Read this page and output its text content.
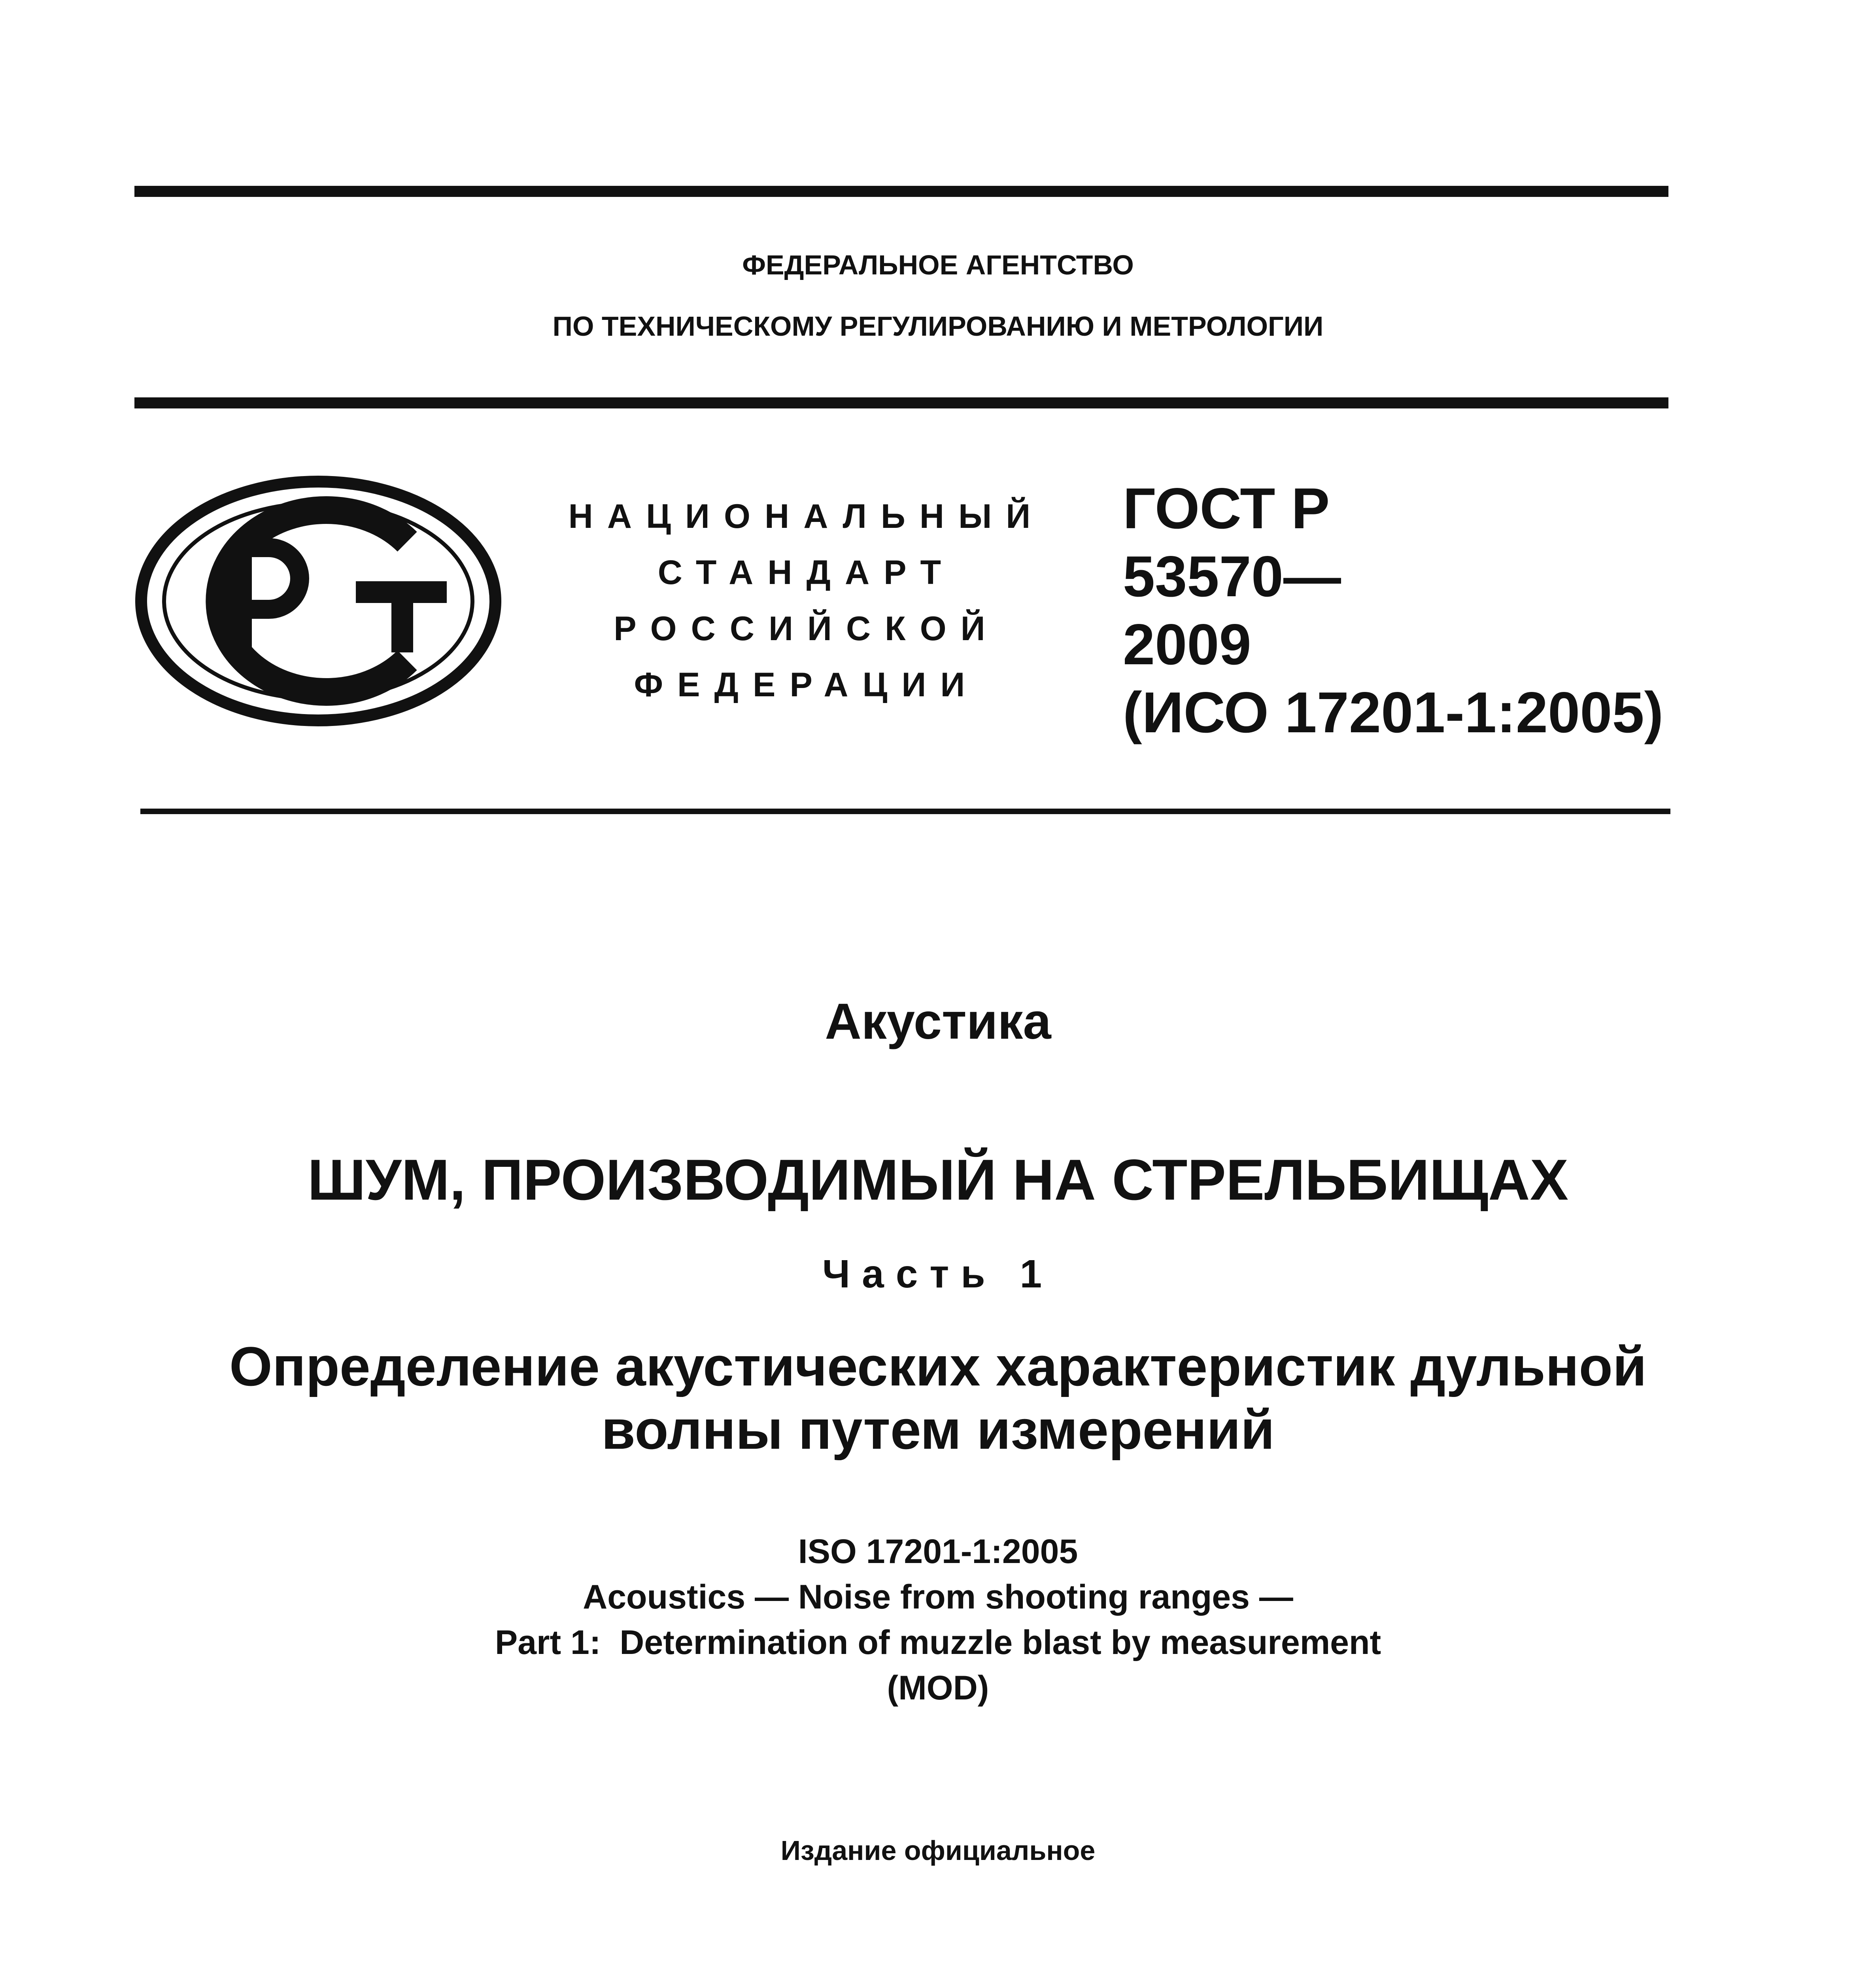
ФЕДЕРАЛЬНОЕ АГЕНТСТВО
ПО ТЕХНИЧЕСКОМУ РЕГУЛИРОВАНИЮ И МЕТРОЛОГИИ
НАЦИОНАЛЬНЫЙ
СТАНДАРТ
РОССИЙСКОЙ
ФЕДЕРАЦИИ
ГОСТ Р
53570—
2009
(ИСО 17201-1:2005)
Акустика
ШУМ, ПРОИЗВОДИМЫЙ НА СТРЕЛЬБИЩАХ
Часть 1
Определение акустических характеристик дульной
волны путем измерений
ISO 17201-1:2005
Acoustics — Noise from shooting ranges —
Part 1:  Determination of muzzle blast by measurement
(MOD)
Издание официальное
